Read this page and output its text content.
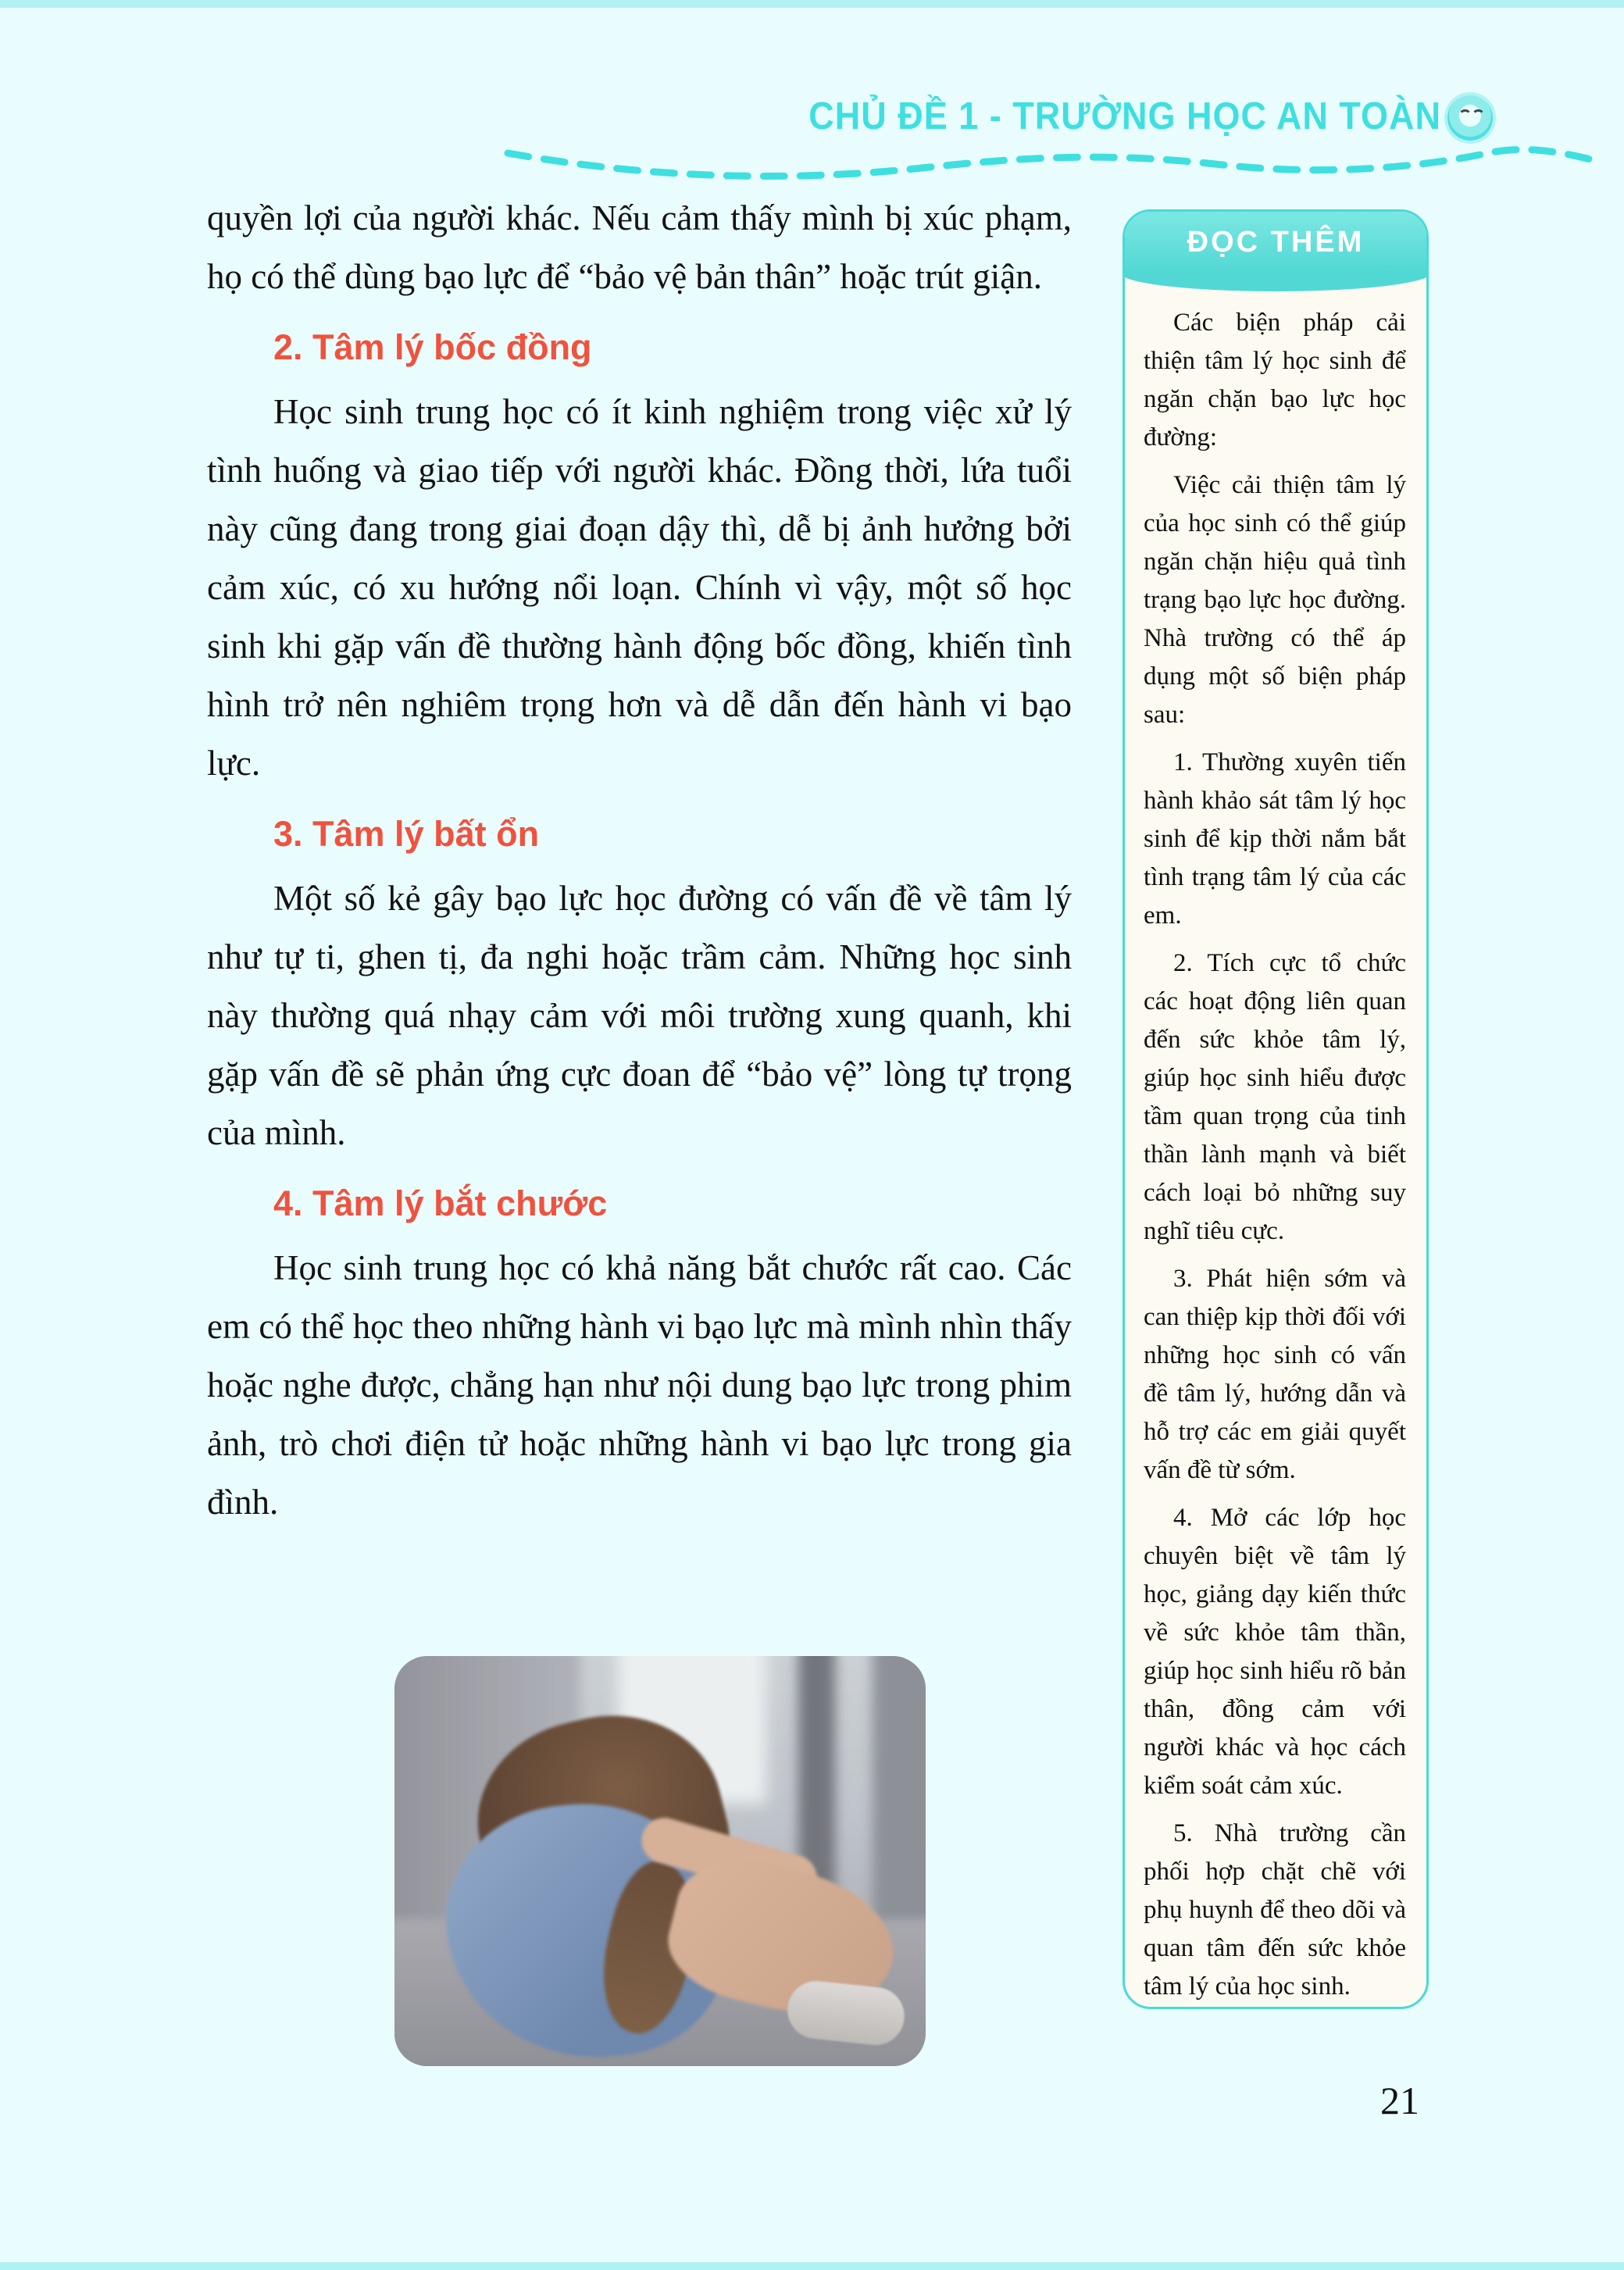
CHỦ ĐỀ 1 - TRƯỜNG HỌC AN TOÀN

quyền lợi của người khác. Nếu cảm thấy mình bị xúc phạm, họ có thể dùng bạo lực để “bảo vệ bản thân” hoặc trút giận.

2. Tâm lý bốc đồng

Học sinh trung học có ít kinh nghiệm trong việc xử lý tình huống và giao tiếp với người khác. Đồng thời, lứa tuổi này cũng đang trong giai đoạn dậy thì, dễ bị ảnh hưởng bởi cảm xúc, có xu hướng nổi loạn. Chính vì vậy, một số học sinh khi gặp vấn đề thường hành động bốc đồng, khiến tình hình trở nên nghiêm trọng hơn và dễ dẫn đến hành vi bạo lực.

3. Tâm lý bất ổn

Một số kẻ gây bạo lực học đường có vấn đề về tâm lý như tự ti, ghen tị, đa nghi hoặc trầm cảm. Những học sinh này thường quá nhạy cảm với môi trường xung quanh, khi gặp vấn đề sẽ phản ứng cực đoan để “bảo vệ” lòng tự trọng của mình.

4. Tâm lý bắt chước

Học sinh trung học có khả năng bắt chước rất cao. Các em có thể học theo những hành vi bạo lực mà mình nhìn thấy hoặc nghe được, chẳng hạn như nội dung bạo lực trong phim ảnh, trò chơi điện tử hoặc những hành vi bạo lực trong gia đình.

ĐỌC THÊM

Các biện pháp cải thiện tâm lý học sinh để ngăn chặn bạo lực học đường:

Việc cải thiện tâm lý của học sinh có thể giúp ngăn chặn hiệu quả tình trạng bạo lực học đường. Nhà trường có thể áp dụng một số biện pháp sau:

1. Thường xuyên tiến hành khảo sát tâm lý học sinh để kịp thời nắm bắt tình trạng tâm lý của các em.

2. Tích cực tổ chức các hoạt động liên quan đến sức khỏe tâm lý, giúp học sinh hiểu được tầm quan trọng của tinh thần lành mạnh và biết cách loại bỏ những suy nghĩ tiêu cực.

3. Phát hiện sớm và can thiệp kịp thời đối với những học sinh có vấn đề tâm lý, hướng dẫn và hỗ trợ các em giải quyết vấn đề từ sớm.

4. Mở các lớp học chuyên biệt về tâm lý học, giảng dạy kiến thức về sức khỏe tâm thần, giúp học sinh hiểu rõ bản thân, đồng cảm với người khác và học cách kiểm soát cảm xúc.

5. Nhà trường cần phối hợp chặt chẽ với phụ huynh để theo dõi và quan tâm đến sức khỏe tâm lý của học sinh.

21
